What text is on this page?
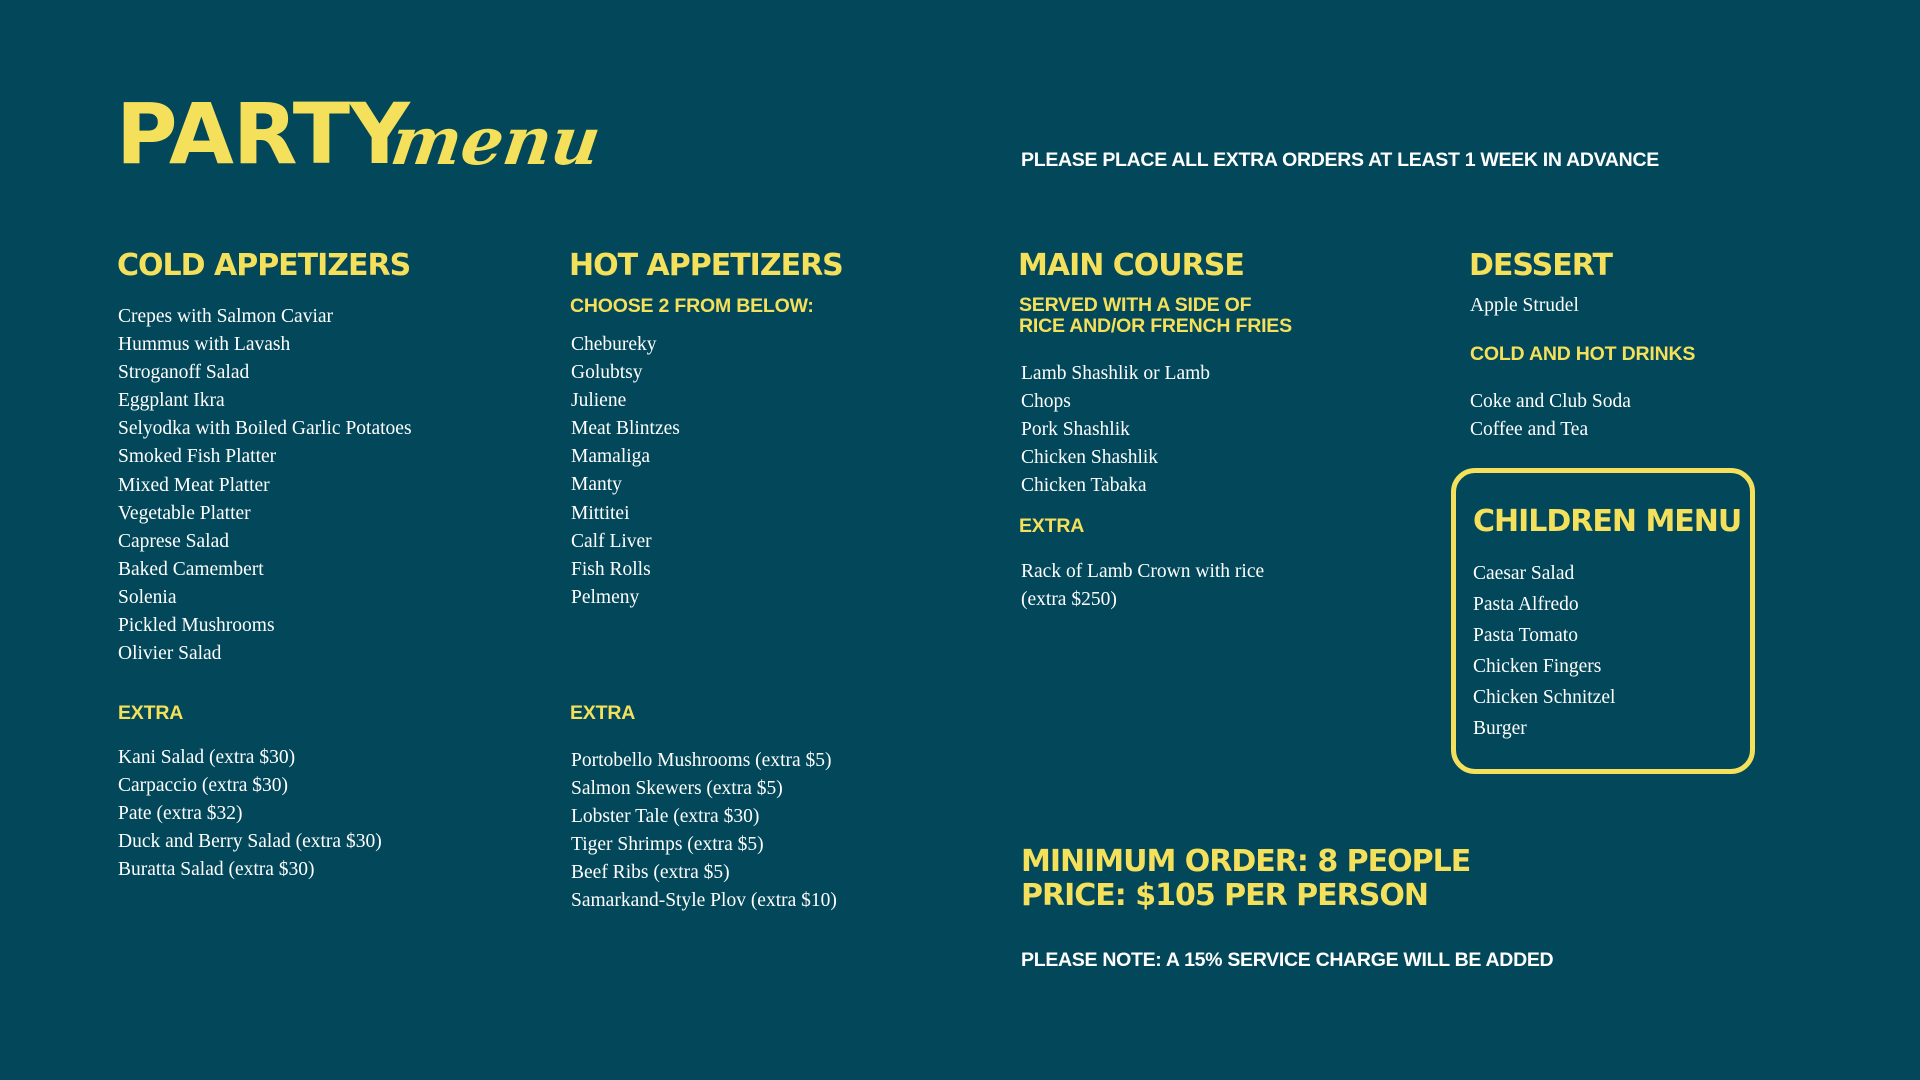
PARTY
menu	PLEASE PLACE ALL EXTRA ORDERS AT LEAST 1 WEEK IN ADVANCE
COLD APPETIZERS
Crepes with Salmon Caviar
Hummus with Lavash
Stroganoff Salad
Eggplant Ikra
Selyodka with Boiled Garlic Potatoes
Smoked Fish Platter
Mixed Meat Platter
Vegetable Platter
Caprese Salad
Baked Camembert
Solenia
Pickled Mushrooms
Olivier Salad
EXTRA
Kani Salad (extra $30)
Carpaccio (extra $30)
Pate (extra $32)
Duck and Berry Salad (extra $30)
Buratta Salad (extra $30)
HOT APPETIZERS
CHOOSE 2 FROM BELOW:
Chebureky
Golubtsy
Juliene
Meat Blintzes
Mamaliga
Manty
Mittitei
Calf Liver
Fish Rolls
Pelmeny
EXTRA
Portobello Mushrooms (extra $5)
Salmon Skewers (extra $5)
Lobster Tale (extra $30)
Tiger Shrimps (extra $5)
Beef Ribs (extra $5)
Samarkand-Style Plov (extra $10)
MAIN COURSE
SERVED WITH A SIDE OF
RICE AND/OR FRENCH FRIES
Lamb Shashlik or Lamb
Chops
Pork Shashlik
Chicken Shashlik
Chicken Tabaka
EXTRA
Rack of Lamb Crown with rice
(extra $250)
DESSERT
Apple Strudel
COLD AND HOT DRINKS
Coke and Club Soda
Coffee and Tea
CHILDREN MENU
Caesar Salad
Pasta Alfredo
Pasta Tomato
Chicken Fingers
Chicken Schnitzel
Burger
MINIMUM ORDER: 8 PEOPLE
PRICE: $105 PER PERSON
PLEASE NOTE: A 15% SERVICE CHARGE WILL BE ADDED
